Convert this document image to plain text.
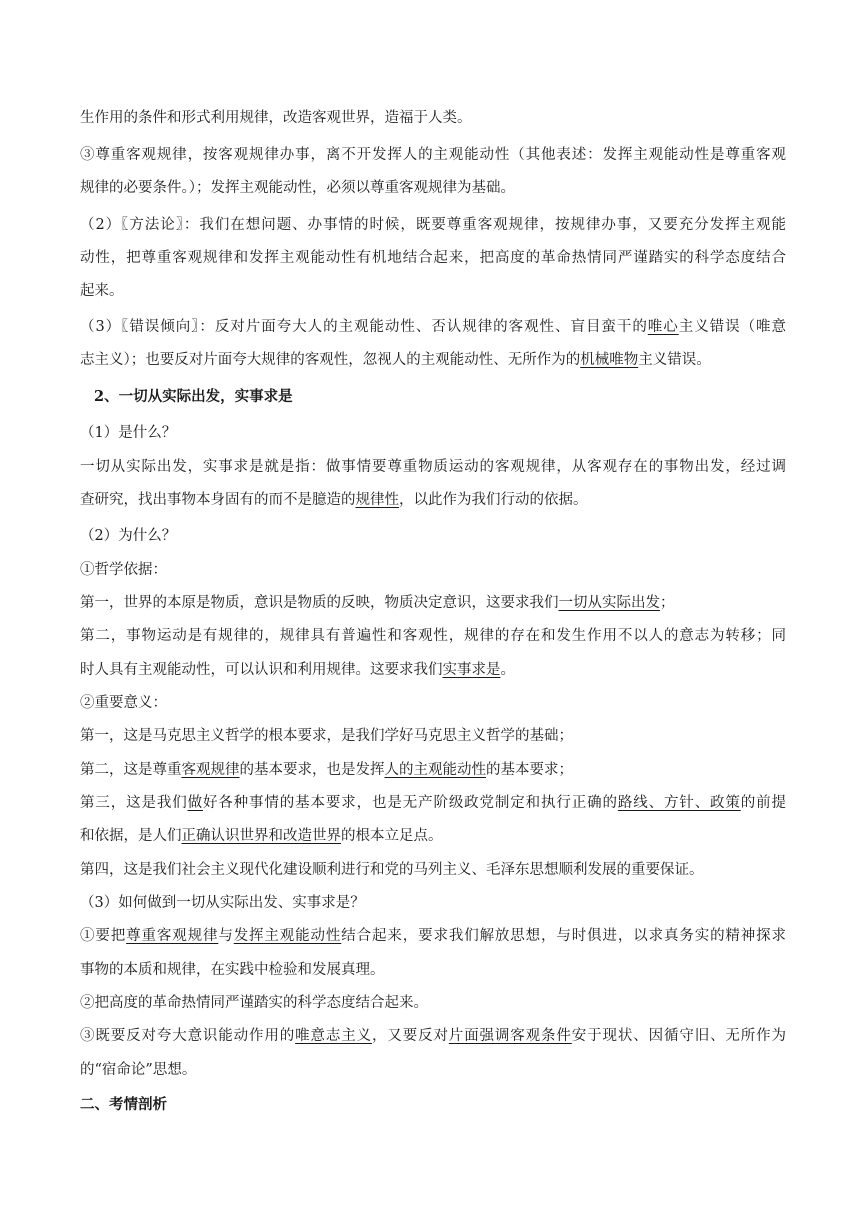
生作用的条件和形式利用规律，改造客观世界，造福于人类。
③尊重客观规律，按客观规律办事，离不开发挥人的主观能动性（其他表述：发挥主观能动性是尊重客观
规律的必要条件。）；发挥主观能动性，必须以尊重客观规律为基础。
（2）〖方法论〗：我们在想问题、办事情的时候，既要尊重客观规律，按规律办事，又要充分发挥主观能
动性，把尊重客观规律和发挥主观能动性有机地结合起来，把高度的革命热情同严谨踏实的科学态度结合
起来。
（3）〖错误倾向〗：反对片面夸大人的主观能动性、否认规律的客观性、盲目蛮干的唯心主义错误（唯意
志主义）；也要反对片面夸大规律的客观性，忽视人的主观能动性、无所作为的机械唯物主义错误。
2、一切从实际出发，实事求是
（1）是什么？
一切从实际出发，实事求是就是指：做事情要尊重物质运动的客观规律，从客观存在的事物出发，经过调
查研究，找出事物本身固有的而不是臆造的规律性，以此作为我们行动的依据。
（2）为什么？
①哲学依据：
第一，世界的本原是物质，意识是物质的反映，物质决定意识，这要求我们一切从实际出发；
第二，事物运动是有规律的，规律具有普遍性和客观性，规律的存在和发生作用不以人的意志为转移；同
时人具有主观能动性，可以认识和利用规律。这要求我们实事求是。
②重要意义：
第一，这是马克思主义哲学的根本要求，是我们学好马克思主义哲学的基础；
第二，这是尊重客观规律的基本要求，也是发挥人的主观能动性的基本要求；
第三，这是我们做好各种事情的基本要求，也是无产阶级政党制定和执行正确的路线、方针、政策的前提
和依据，是人们正确认识世界和改造世界的根本立足点。
第四，这是我们社会主义现代化建设顺利进行和党的马列主义、毛泽东思想顺利发展的重要保证。
（3）如何做到一切从实际出发、实事求是？
①要把尊重客观规律与发挥主观能动性结合起来，要求我们解放思想，与时俱进，以求真务实的精神探求
事物的本质和规律，在实践中检验和发展真理。
②把高度的革命热情同严谨踏实的科学态度结合起来。
③既要反对夸大意识能动作用的唯意志主义，又要反对片面强调客观条件安于现状、因循守旧、无所作为
的“宿命论”思想。
二、考情剖析
